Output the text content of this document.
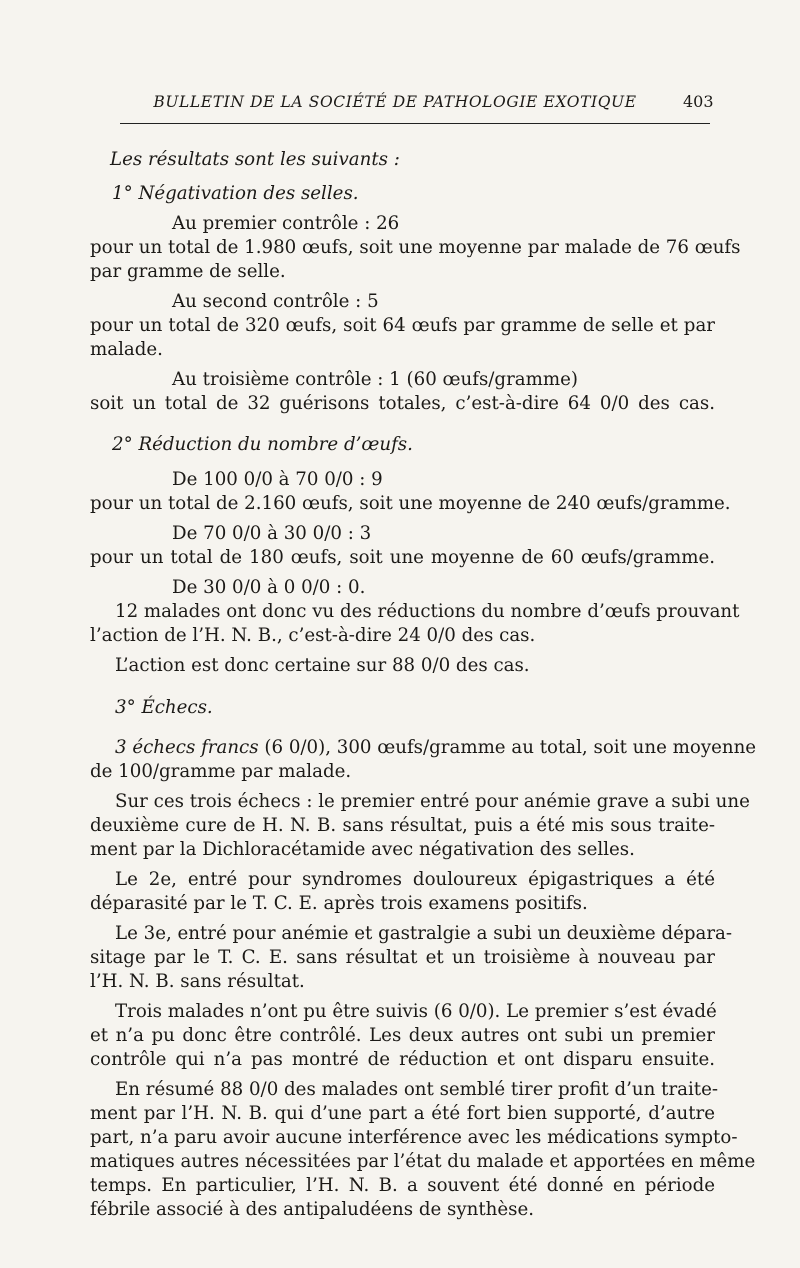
BULLETIN DE LA SOCIÉTÉ DE PATHOLOGIE EXOTIQUE	403
Les résultats sont les suivants :
1° Négativation des selles.
Au premier contrôle : 26
pour un total de 1.980 œufs, soit une moyenne par malade de 76 œufs
par gramme de selle.
Au second contrôle : 5
pour un total de 320 œufs, soit 64 œufs par gramme de selle et par
malade.
Au troisième contrôle : 1 (60 œufs/gramme)
soit un total de 32 guérisons totales, c’est-à-dire 64 0/0 des cas.
2° Réduction du nombre d’œufs.
De 100 0/0 à 70 0/0 : 9
pour un total de 2.160 œufs, soit une moyenne de 240 œufs/gramme.
De 70 0/0 à 30 0/0 : 3
pour un total de 180 œufs, soit une moyenne de 60 œufs/gramme.
De 30 0/0 à 0 0/0 : 0.
12 malades ont donc vu des réductions du nombre d’œufs prouvant
l’action de l’H. N. B., c’est-à-dire 24 0/0 des cas.
L’action est donc certaine sur 88 0/0 des cas.
3° Échecs.
3 échecs francs (6 0/0), 300 œufs/gramme au total, soit une moyenne
de 100/gramme par malade.
Sur ces trois échecs : le premier entré pour anémie grave a subi une
deuxième cure de H. N. B. sans résultat, puis a été mis sous traite-
ment par la Dichloracétamide avec négativation des selles.
Le 2e, entré pour syndromes douloureux épigastriques a été
déparasité par le T. C. E. après trois examens positifs.
Le 3e, entré pour anémie et gastralgie a subi un deuxième dépara-
sitage par le T. C. E. sans résultat et un troisième à nouveau par
l’H. N. B. sans résultat.
Trois malades n’ont pu être suivis (6 0/0). Le premier s’est évadé
et n’a pu donc être contrôlé. Les deux autres ont subi un premier
contrôle qui n’a pas montré de réduction et ont disparu ensuite.
En résumé 88 0/0 des malades ont semblé tirer profit d’un traite-
ment par l’H. N. B. qui d’une part a été fort bien supporté, d’autre
part, n’a paru avoir aucune interférence avec les médications sympto-
matiques autres nécessitées par l’état du malade et apportées en même
temps. En particulier, l’H. N. B. a souvent été donné en période
fébrile associé à des antipaludéens de synthèse.
